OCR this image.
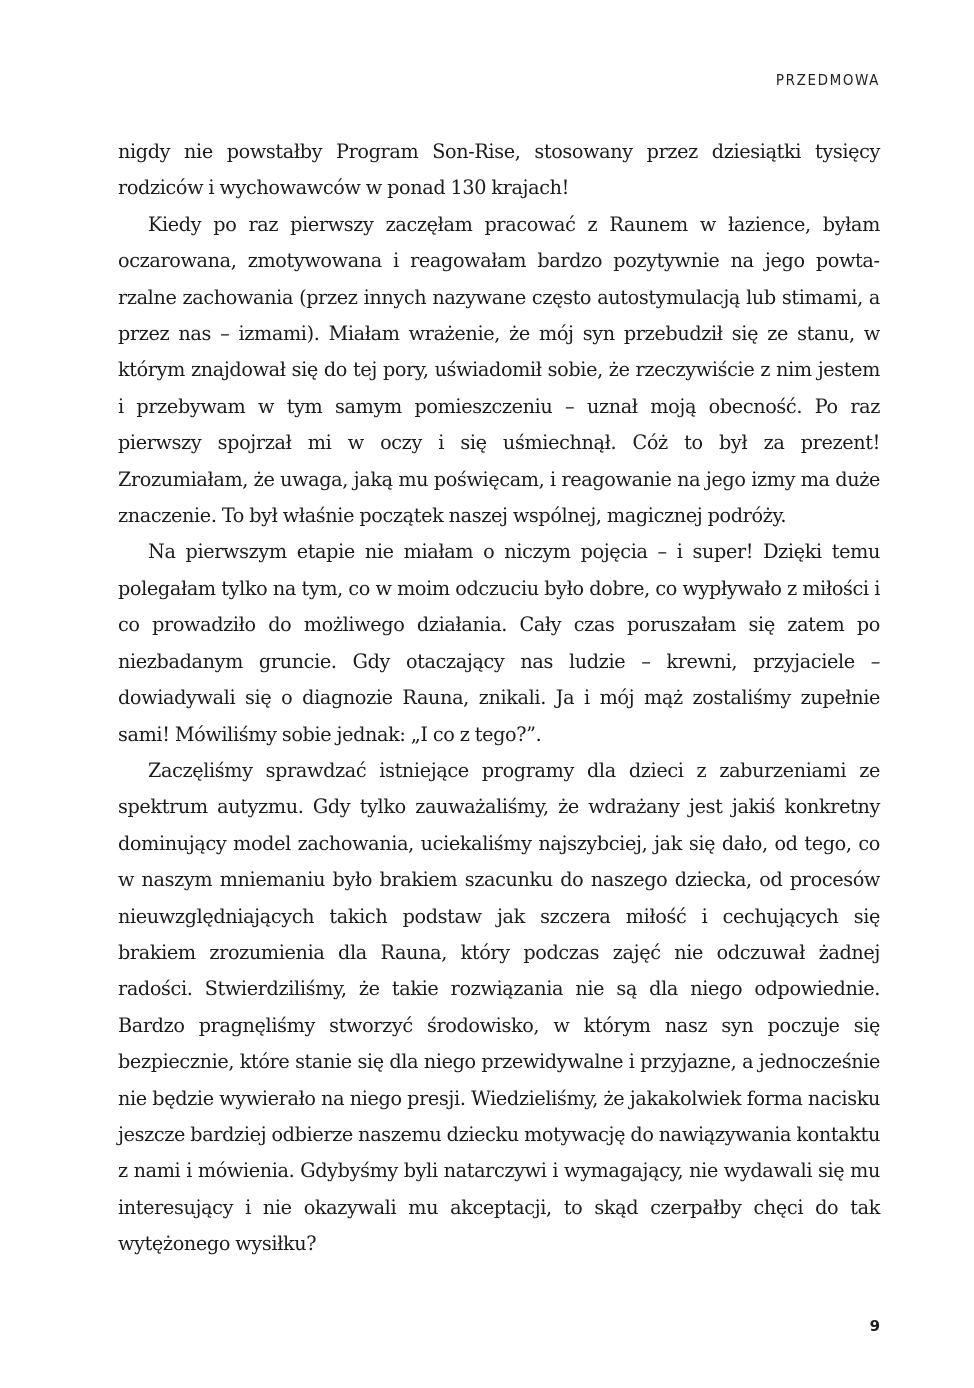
PRZEDMOWA

nigdy nie powstałby Program Son-Rise, stosowany przez dziesiątki tysięcy rodziców i wychowawców w ponad 130 krajach!

Kiedy po raz pierwszy zaczęłam pracować z Raunem w łazience, byłam oczarowana, zmotywowana i reagowałam bardzo pozytywnie na jego powtarzalne zachowania (przez innych nazywane często autostymulacją lub stimami, a przez nas – izmami). Miałam wrażenie, że mój syn przebudził się ze stanu, w którym znajdował się do tej pory, uświadomił sobie, że rzeczywiście z nim jestem i przebywam w tym samym pomieszczeniu – uznał moją obecność. Po raz pierwszy spojrzał mi w oczy i się uśmiechnął. Cóż to był za prezent! Zrozumiałam, że uwaga, jaką mu poświęcam, i reagowanie na jego izmy ma duże znaczenie. To był właśnie początek naszej wspólnej, magicznej podróży.

Na pierwszym etapie nie miałam o niczym pojęcia – i super! Dzięki temu polegałam tylko na tym, co w moim odczuciu było dobre, co wypływało z miłości i co prowadziło do możliwego działania. Cały czas poruszałam się zatem po niezbadanym gruncie. Gdy otaczający nas ludzie – krewni, przyjaciele – dowiadywali się o diagnozie Rauna, znikali. Ja i mój mąż zostaliśmy zupełnie sami! Mówiliśmy sobie jednak: „I co z tego?”.

Zaczęliśmy sprawdzać istniejące programy dla dzieci z zaburzeniami ze spektrum autyzmu. Gdy tylko zauważaliśmy, że wdrażany jest jakiś konkretny dominujący model zachowania, uciekaliśmy najszybciej, jak się dało, od tego, co w naszym mniemaniu było brakiem szacunku do naszego dziecka, od procesów nieuwzględniających takich podstaw jak szczera miłość i cechujących się brakiem zrozumienia dla Rauna, który podczas zajęć nie odczuwał żadnej radości. Stwierdziliśmy, że takie rozwiązania nie są dla niego odpowiednie. Bardzo pragnęliśmy stworzyć środowisko, w którym nasz syn poczuje się bezpiecznie, które stanie się dla niego przewidywalne i przyjazne, a jednocześnie nie będzie wywierało na niego presji. Wiedzieliśmy, że jakakolwiek forma nacisku jeszcze bardziej odbierze naszemu dziecku motywację do nawiązywania kontaktu z nami i mówienia. Gdybyśmy byli natarczywi i wymagający, nie wydawali się mu interesujący i nie okazywali mu akceptacji, to skąd czerpałby chęci do tak wytężonego wysiłku?

9
